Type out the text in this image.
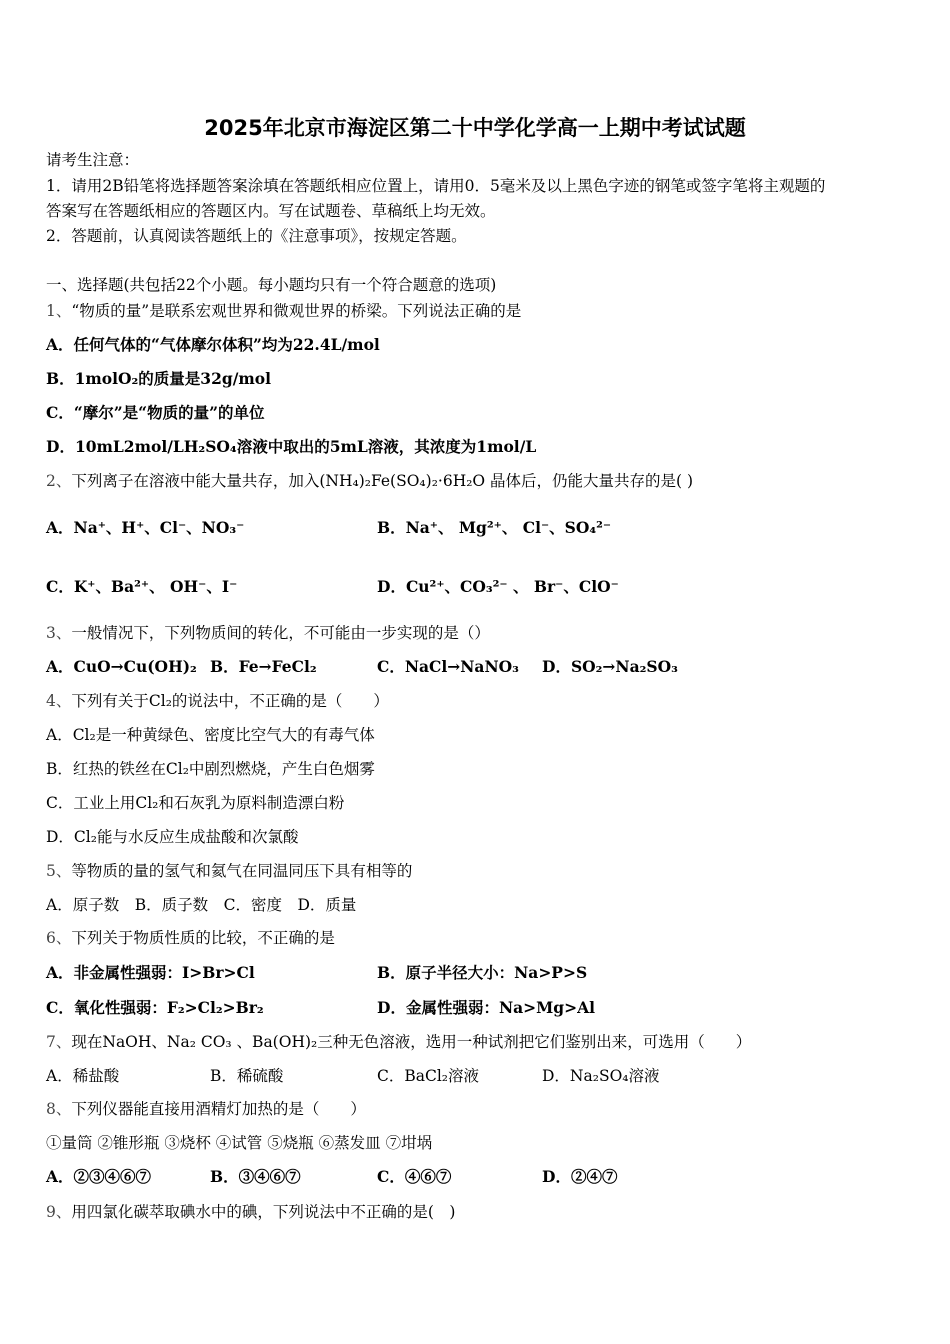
2025年北京市海淀区第二十中学化学高一上期中考试试题
请考生注意：
1．请用2B铅笔将选择题答案涂填在答题纸相应位置上，请用0．5毫米及以上黑色字迹的钢笔或签字笔将主观题的
答案写在答题纸相应的答题区内。写在试题卷、草稿纸上均无效。
2．答题前，认真阅读答题纸上的《注意事项》，按规定答题。
一、选择题(共包括22个小题。每小题均只有一个符合题意的选项)
1、“物质的量”是联系宏观世界和微观世界的桥梁。下列说法正确的是
A．任何气体的“气体摩尔体积”均为22.4L/mol
B．1molO₂的质量是32g/mol
C．“摩尔”是“物质的量”的单位
D．10mL2mol/LH₂SO₄溶液中取出的5mL溶液，其浓度为1mol/L
2、下列离子在溶液中能大量共存，加入(NH₄)₂Fe(SO₄)₂·6H₂O 晶体后，仍能大量共存的是( )
A．Na⁺、H⁺、Cl⁻、NO₃⁻	B．Na⁺、 Mg²⁺、 Cl⁻、SO₄²⁻
C．K⁺、Ba²⁺、 OH⁻、I⁻	D．Cu²⁺、CO₃²⁻ 、 Br⁻、ClO⁻
3、一般情况下，下列物质间的转化，不可能由一步实现的是（）
A．CuO→Cu(OH)₂ B．Fe→FeCl₂	C．NaCl→NaNO₃ D．SO₂→Na₂SO₃
4、下列有关于Cl₂的说法中，不正确的是（　　）
A．Cl₂是一种黄绿色、密度比空气大的有毒气体
B．红热的铁丝在Cl₂中剧烈燃烧，产生白色烟雾
C．工业上用Cl₂和石灰乳为原料制造漂白粉
D．Cl₂能与水反应生成盐酸和次氯酸
5、等物质的量的氢气和氦气在同温同压下具有相等的
A．原子数　B．质子数　C．密度　D．质量
6、下列关于物质性质的比较，不正确的是
A．非金属性强弱：I>Br>Cl	B．原子半径大小：Na>P>S
C．氧化性强弱：F₂>Cl₂>Br₂	D．金属性强弱：Na>Mg>Al
7、现在NaOH、Na₂ CO₃ 、Ba(OH)₂三种无色溶液，选用一种试剂把它们鉴别出来，可选用（　　）
A．稀盐酸	B．稀硫酸	C．BaCl₂溶液	D．Na₂SO₄溶液
8、下列仪器能直接用酒精灯加热的是（　　）
①量筒 ②锥形瓶 ③烧杯 ④试管 ⑤烧瓶 ⑥蒸发皿 ⑦坩埚
A．②③④⑥⑦	B．③④⑥⑦	C．④⑥⑦	D．②④⑦
9、用四氯化碳萃取碘水中的碘，下列说法中不正确的是(　)
